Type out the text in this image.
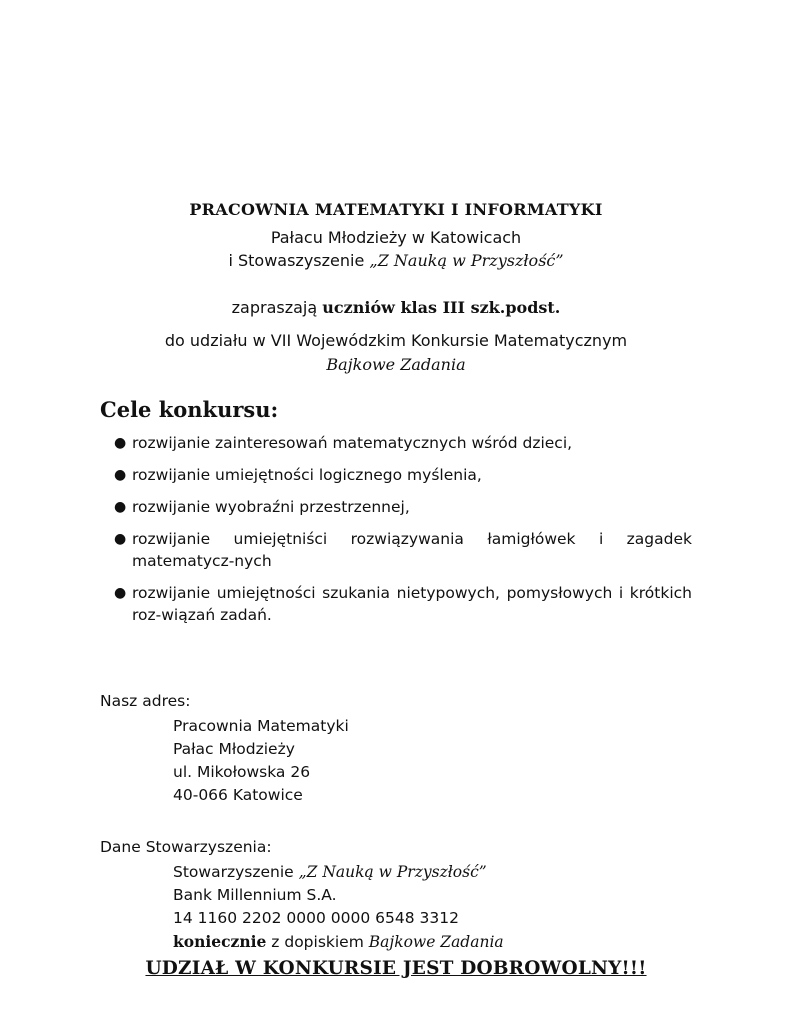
PRACOWNIA MATEMATYKI I INFORMATYKI
Pałacu Młodzieży w Katowicach
i Stowaszyszenie „Z Nauką w Przyszłość”
zapraszają uczniów klas III szk.podst.
do udziału w VII Wojewódzkim Konkursie Matematycznym
Bajkowe Zadania
Cele konkursu:
● rozwijanie zainteresowań matematycznych wśród dzieci,
● rozwijanie umiejętności logicznego myślenia,
● rozwijanie wyobraźni przestrzennej,
● rozwijanie umiejętniści rozwiązywania łamigłówek i zagadek matematycz-nych
● rozwijanie umiejętności szukania nietypowych, pomysłowych i krótkich roz-wiązań zadań.
Nasz adres:
Pracownia Matematyki
Pałac Młodzieży
ul. Mikołowska 26
40-066 Katowice
Dane Stowarzyszenia:
Stowarzyszenie „Z Nauką w Przyszłość”
Bank Millennium S.A.
14 1160 2202 0000 0000 6548 3312
koniecznie z dopiskiem Bajkowe Zadania
UDZIAŁ W KONKURSIE JEST DOBROWOLNY!!!
